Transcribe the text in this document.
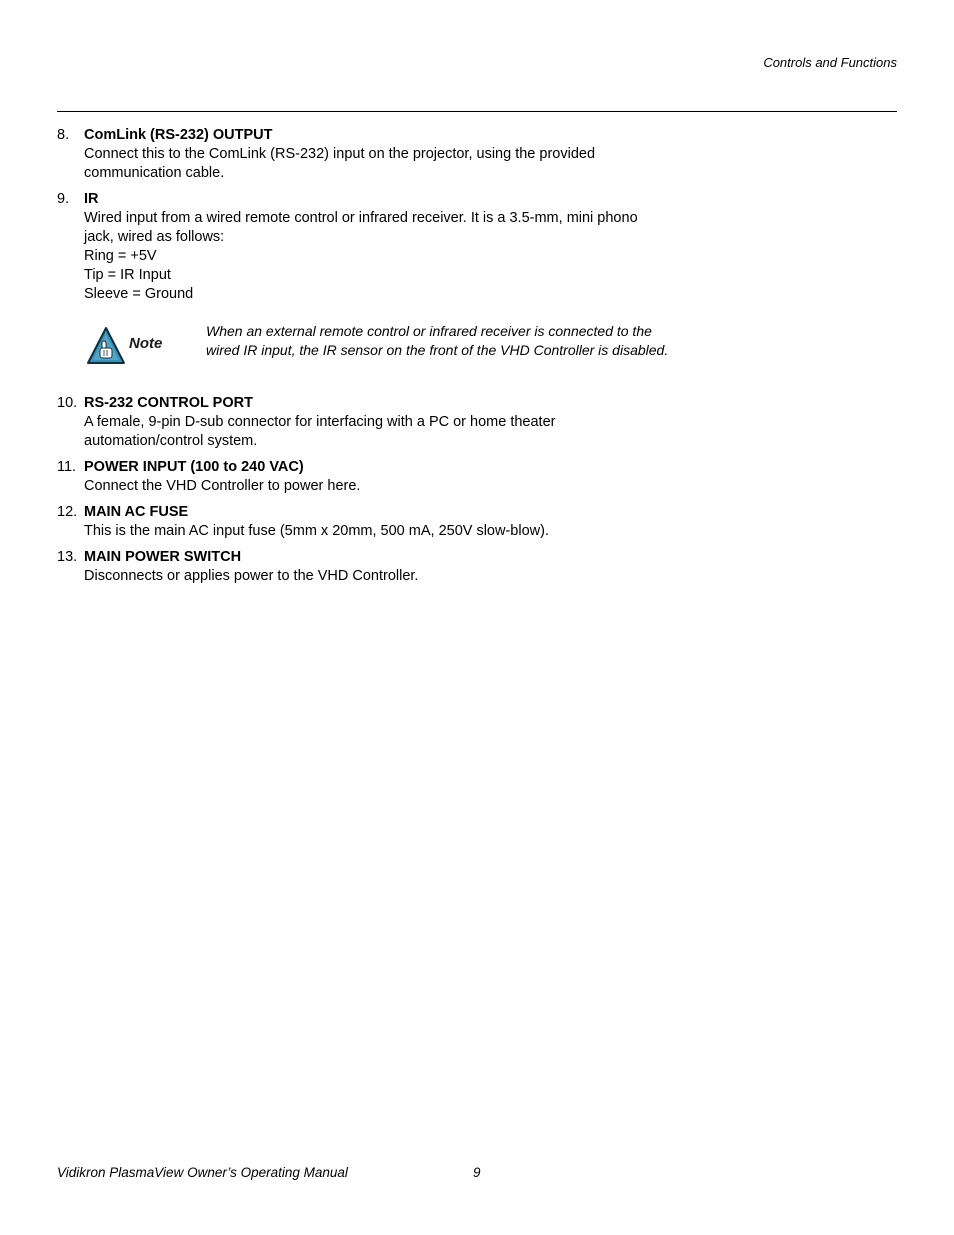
Controls and Functions
8. ComLink (RS-232) OUTPUT
Connect this to the ComLink (RS-232) input on the projector, using the provided
communication cable.
9. IR
Wired input from a wired remote control or infrared receiver. It is a 3.5-mm, mini phono
jack, wired as follows:
Ring = +5V
Tip = IR Input
Sleeve = Ground
Note
When an external remote control or infrared receiver is connected to the
wired IR input, the IR sensor on the front of the VHD Controller is disabled.
10. RS-232 CONTROL PORT
A female, 9-pin D-sub connector for interfacing with a PC or home theater
automation/control system.
11. POWER INPUT (100 to 240 VAC)
Connect the VHD Controller to power here.
12. MAIN AC FUSE
This is the main AC input fuse (5mm x 20mm, 500 mA, 250V slow-blow).
13. MAIN POWER SWITCH
Disconnects or applies power to the VHD Controller.
Vidikron PlasmaView Owner’s Operating Manual	9
